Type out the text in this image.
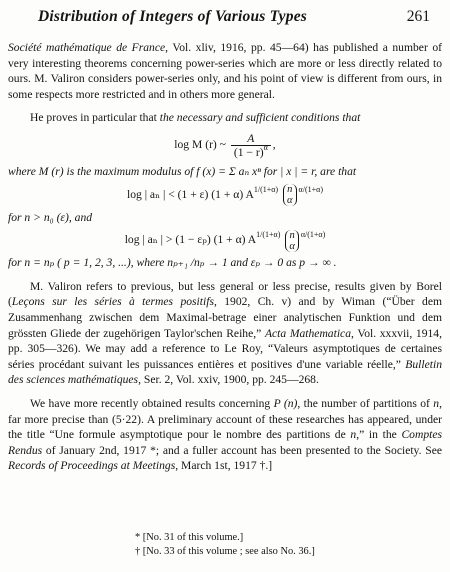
Distribution of Integers of Various Types	261

Société mathématique de France, Vol. xliv, 1916, pp. 45—64) has published a number of very interesting theorems concerning power-series which are more or less directly related to ours. M. Valiron considers power-series only, and his point of view is different from ours, in some respects more restricted and in others more general.

He proves in particular that the necessary and sufficient conditions that

log M (r) ~ $\frac{A}{(1 - r)^\alpha}$ ,

where M (r) is the maximum modulus of f (x) = Σ aₙ xⁿ for | x | = r, are that

log | aₙ | < (1 + ε) (1 + α) $A^{1/(1+\alpha)}$ n
α
$^{\alpha/(1+\alpha)}$

for n > n₀ (ε), and

log | aₙ | > (1 − εₚ) (1 + α) $A^{1/(1+\alpha)}$ n
α
$^{\alpha/(1+\alpha)}$

for n = nₚ ( p = 1, 2, 3, ...), where nₚ₊₁ /nₚ → 1 and εₚ → 0 as p → ∞ .

M. Valiron refers to previous, but less general or less precise, results given by Borel (Leçons sur les séries à termes positifs, 1902, Ch. v) and by Wiman (“Über dem Zusammenhang zwischen dem Maximal-betrage einer analytischen Funktion und dem grössten Gliede der zugehörigen Taylor'schen Reihe,” Acta Mathematica, Vol. xxxvii, 1914, pp. 305—326). We may add a reference to Le Roy, “Valeurs asymptotiques de certaines séries procédant suivant les puissances entières et positives d'une variable réelle,” Bulletin des sciences mathématiques, Ser. 2, Vol. xxiv, 1900, pp. 245—268.

We have more recently obtained results concerning P (n), the number of partitions of n, far more precise than (5·22). A preliminary account of these researches has appeared, under the title “Une formule asymptotique pour le nombre des partitions de n,” in the Comptes Rendus of January 2nd, 1917 *; and a fuller account has been presented to the Society. See Records of Proceedings at Meetings, March 1st, 1917 †.]

* [No. 31 of this volume.]
† [No. 33 of this volume ; see also No. 36.]
